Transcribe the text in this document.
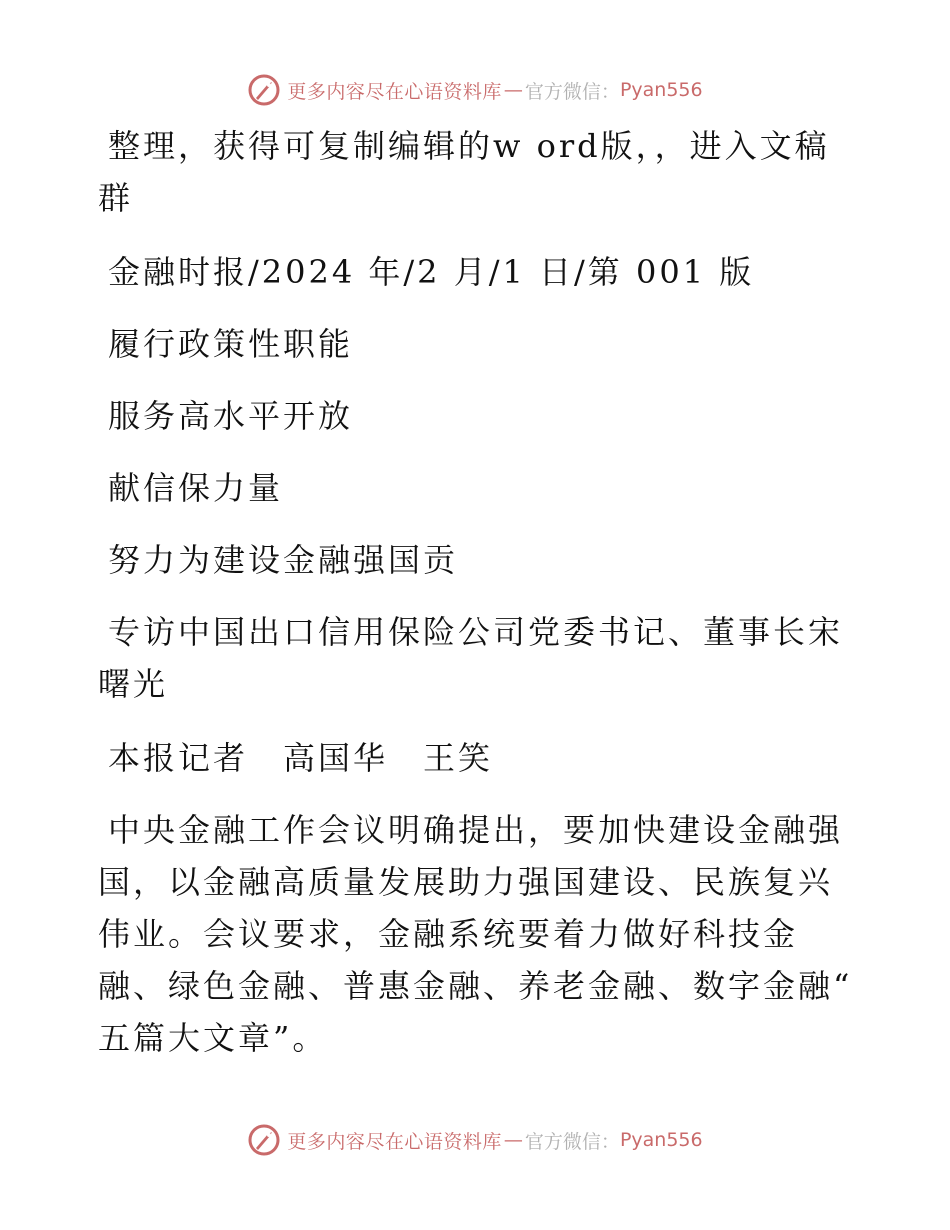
更多内容尽在心语资料库 — 官方微信： Pyan556

整理，获得可复制编辑的w ord版，，进入文稿群

金融时报/2024 年/2 月/1 日/第 001 版

履行政策性职能

服务高水平开放

献信保力量

努力为建设金融强国贡

专访中国出口信用保险公司党委书记、董事长宋曙光

本报记者　高国华　王笑

中央金融工作会议明确提出，要加快建设金融强国，以金融高质量发展助力强国建设、民族复兴伟业。会议要求，金融系统要着力做好科技金融、绿色金融、普惠金融、养老金融、数字金融“ 五篇大文章”。

更多内容尽在心语资料库 — 官方微信： Pyan556
